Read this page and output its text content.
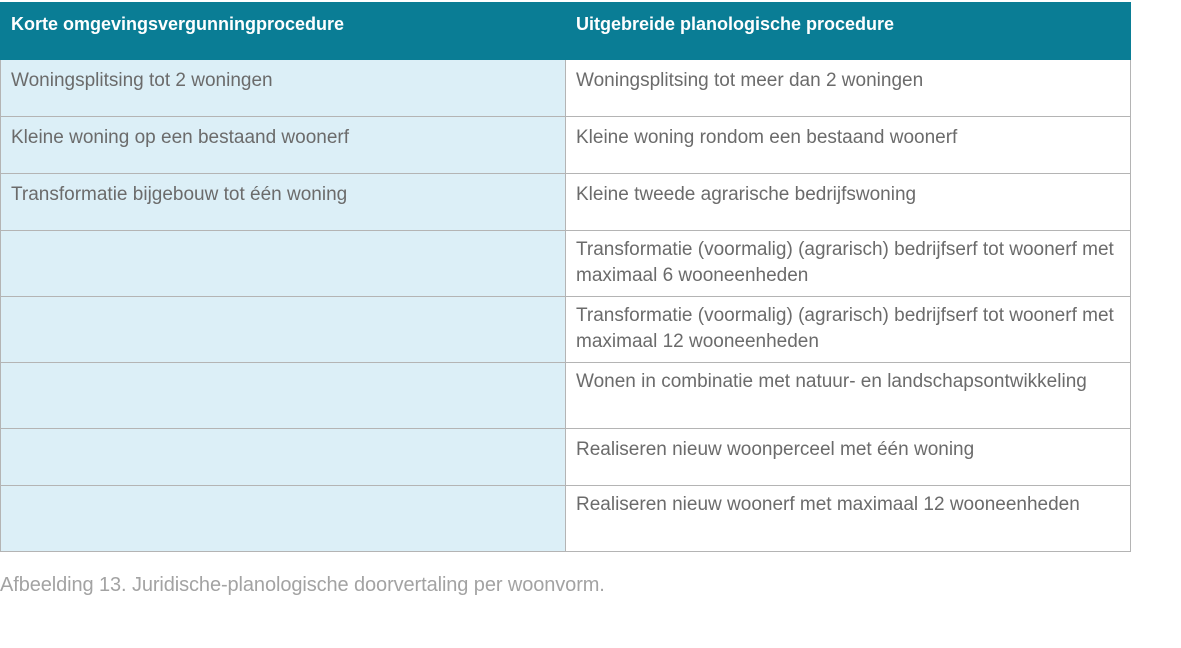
Korte omgevingsvergunningprocedure	Uitgebreide planologische procedure
Woningsplitsing tot 2 woningen	Woningsplitsing tot meer dan 2 woningen
Kleine woning op een bestaand woonerf	Kleine woning rondom een bestaand woonerf
Transformatie bijgebouw tot één woning	Kleine tweede agrarische bedrijfswoning
	Transformatie (voormalig) (agrarisch) bedrijfserf tot woonerf met maximaal 6 wooneenheden
	Transformatie (voormalig) (agrarisch) bedrijfserf tot woonerf met maximaal 12 wooneenheden
	Wonen in combinatie met natuur- en landschapsontwikkeling
	Realiseren nieuw woonperceel met één woning
	Realiseren nieuw woonerf met maximaal 12 wooneenheden
Afbeelding 13. Juridische-planologische doorvertaling per woonvorm.
